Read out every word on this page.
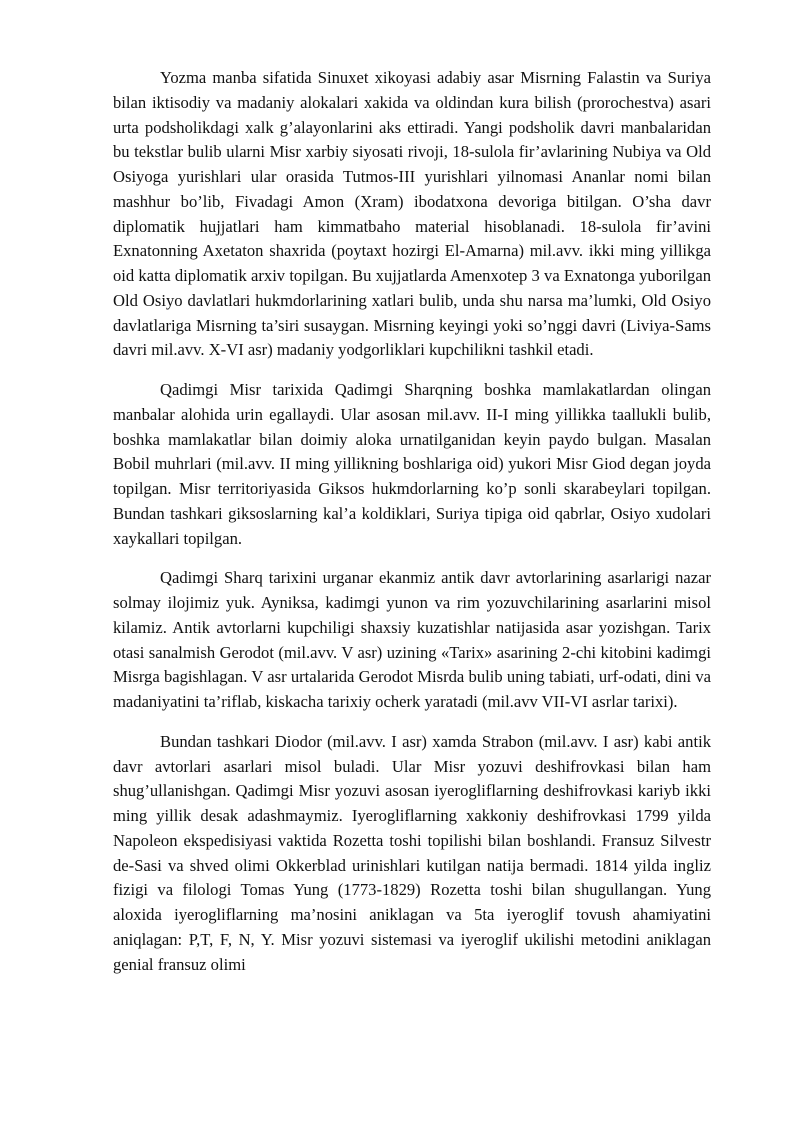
Yozma manba sifatida Sinuxet xikoyasi adabiy asar Misrning Falastin va Suriya bilan iktisodiy va madaniy alokalari xakida va oldindan kura bilish (prorochestva) asari urta podsholikdagi xalk g’alayonlarini aks ettiradi. Yangi podsholik davri manbalaridan bu tekstlar bulib ularni Misr xarbiy siyosati rivoji, 18-sulola fir’avlarining Nubiya va Old Osiyoga yurishlari ular orasida Tutmos-III yurishlari yilnomasi Ananlar nomi bilan mashhur bo’lib, Fivadagi Amon (Xram) ibodatxona devoriga bitilgan. O’sha davr diplomatik hujjatlari ham kimmatbaho material hisoblanadi. 18-sulola fir’avini Exnatonning Axetaton shaxrida (poytaxt hozirgi El-Amarna) mil.avv. ikki ming yillikga oid katta diplomatik arxiv topilgan. Bu xujjatlarda Amenxotep 3 va Exnatonga yuborilgan Old Osiyo davlatlari hukmdorlarining xatlari bulib, unda shu narsa ma’lumki, Old Osiyo davlatlariga Misrning ta’siri susaygan. Misrning keyingi yoki so’nggi davri (Liviya-Sams davri mil.avv. X-VI asr) madaniy yodgorliklari kupchilikni tashkil etadi.

Qadimgi Misr tarixida Qadimgi Sharqning boshka mamlakatlardan olingan manbalar alohida urin egallaydi. Ular asosan mil.avv. II-I ming yillikka taallukli bulib, boshka mamlakatlar bilan doimiy aloka urnatilganidan keyin paydo bulgan. Masalan Bobil muhrlari (mil.avv. II ming yillikning boshlariga oid) yukori Misr Giod degan joyda topilgan. Misr territoriyasida Giksos hukmdorlarning ko’p sonli skarabeylari topilgan. Bundan tashkari giksoslarning kal’a koldiklari, Suriya tipiga oid qabrlar, Osiyo xudolari xaykallari topilgan.

Qadimgi Sharq tarixini urganar ekanmiz antik davr avtorlarining asarlarigi nazar solmay ilojimiz yuk. Ayniksa, kadimgi yunon va rim yozuvchilarining asarlarini misol kilamiz. Antik avtorlarni kupchiligi shaxsiy kuzatishlar natijasida asar yozishgan. Tarix otasi sanalmish Gerodot (mil.avv. V asr) uzining «Tarix» asarining 2-chi kitobini kadimgi Misrga bagishlagan. V asr urtalarida Gerodot Misrda bulib uning tabiati, urf-odati, dini va madaniyatini ta’riflab, kiskacha tarixiy ocherk yaratadi (mil.avv VII-VI asrlar tarixi).

Bundan tashkari Diodor (mil.avv. I asr) xamda Strabon (mil.avv. I asr) kabi antik davr avtorlari asarlari misol buladi. Ular Misr yozuvi deshifrovkasi bilan ham shug’ullanishgan. Qadimgi Misr yozuvi asosan iyerogliflarning deshifrovkasi kariyb ikki ming yillik desak adashmaymiz. Iyerogliflarning xakkoniy deshifrovkasi 1799 yilda Napoleon ekspedisiyasi vaktida Rozetta toshi topilishi bilan boshlandi. Fransuz Silvestr de-Sasi va shved olimi Okkerblad urinishlari kutilgan natija bermadi. 1814 yilda ingliz fizigi va filologi Tomas Yung (1773-1829) Rozetta toshi bilan shugullangan. Yung aloxida iyerogliflarning ma’nosini aniklagan va 5ta iyeroglif tovush ahamiyatini aniqlagan: P,T, F, N, Y. Misr yozuvi sistemasi va iyeroglif ukilishi metodini aniklagan genial fransuz olimi
